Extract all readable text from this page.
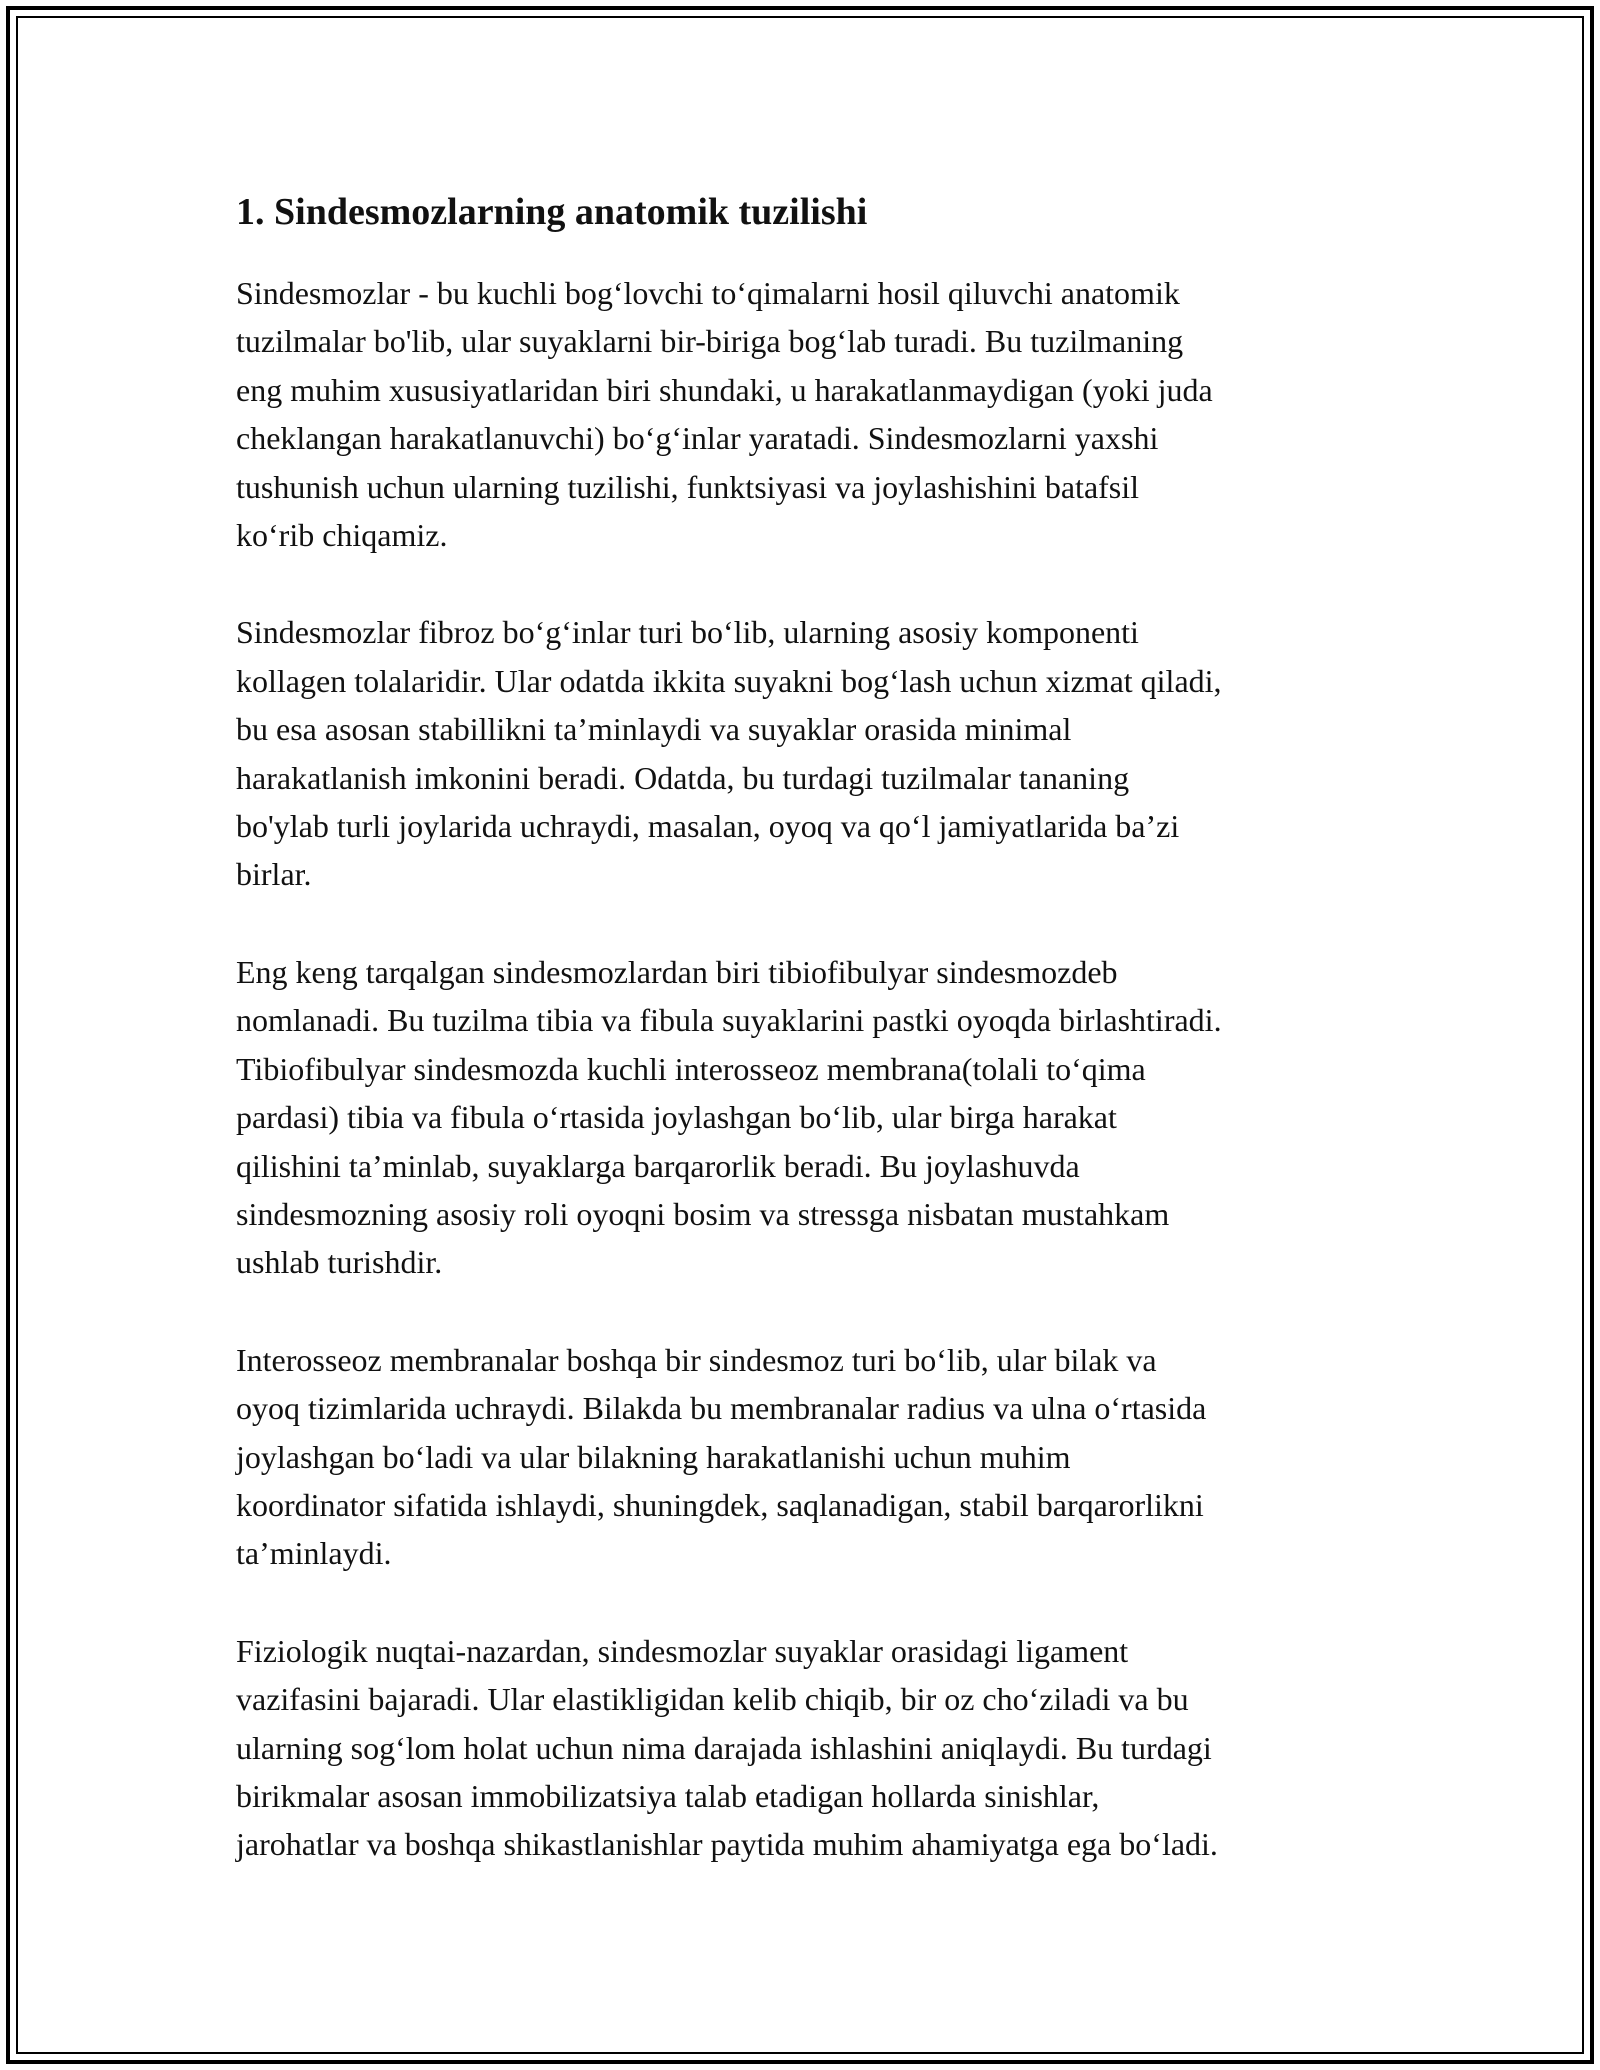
1. Sindesmozlarning anatomik tuzilishi

Sindesmozlar - bu kuchli bog‘lovchi to‘qimalarni hosil qiluvchi anatomik
tuzilmalar bo'lib, ular suyaklarni bir-biriga bog‘lab turadi. Bu tuzilmaning
eng muhim xususiyatlaridan biri shundaki, u harakatlanmaydigan (yoki juda
cheklangan harakatlanuvchi) bo‘g‘inlar yaratadi. Sindesmozlarni yaxshi
tushunish uchun ularning tuzilishi, funktsiyasi va joylashishini batafsil
ko‘rib chiqamiz.

Sindesmozlar fibroz bo‘g‘inlar turi bo‘lib, ularning asosiy komponenti
kollagen tolalaridir. Ular odatda ikkita suyakni bog‘lash uchun xizmat qiladi,
bu esa asosan stabillikni ta’minlaydi va suyaklar orasida minimal
harakatlanish imkonini beradi. Odatda, bu turdagi tuzilmalar tananing
bo'ylab turli joylarida uchraydi, masalan, oyoq va qo‘l jamiyatlarida ba’zi
birlar.

Eng keng tarqalgan sindesmozlardan biri tibiofibulyar sindesmozdeb
nomlanadi. Bu tuzilma tibia va fibula suyaklarini pastki oyoqda birlashtiradi.
Tibiofibulyar sindesmozda kuchli interosseoz membrana(tolali to‘qima
pardasi) tibia va fibula o‘rtasida joylashgan bo‘lib, ular birga harakat
qilishini ta’minlab, suyaklarga barqarorlik beradi. Bu joylashuvda
sindesmozning asosiy roli oyoqni bosim va stressga nisbatan mustahkam
ushlab turishdir.

Interosseoz membranalar boshqa bir sindesmoz turi bo‘lib, ular bilak va
oyoq tizimlarida uchraydi. Bilakda bu membranalar radius va ulna o‘rtasida
joylashgan bo‘ladi va ular bilakning harakatlanishi uchun muhim
koordinator sifatida ishlaydi, shuningdek, saqlanadigan, stabil barqarorlikni
ta’minlaydi.

Fiziologik nuqtai-nazardan, sindesmozlar suyaklar orasidagi ligament
vazifasini bajaradi. Ular elastikligidan kelib chiqib, bir oz cho‘ziladi va bu
ularning sog‘lom holat uchun nima darajada ishlashini aniqlaydi. Bu turdagi
birikmalar asosan immobilizatsiya talab etadigan hollarda sinishlar,
jarohatlar va boshqa shikastlanishlar paytida muhim ahamiyatga ega bo‘ladi.
